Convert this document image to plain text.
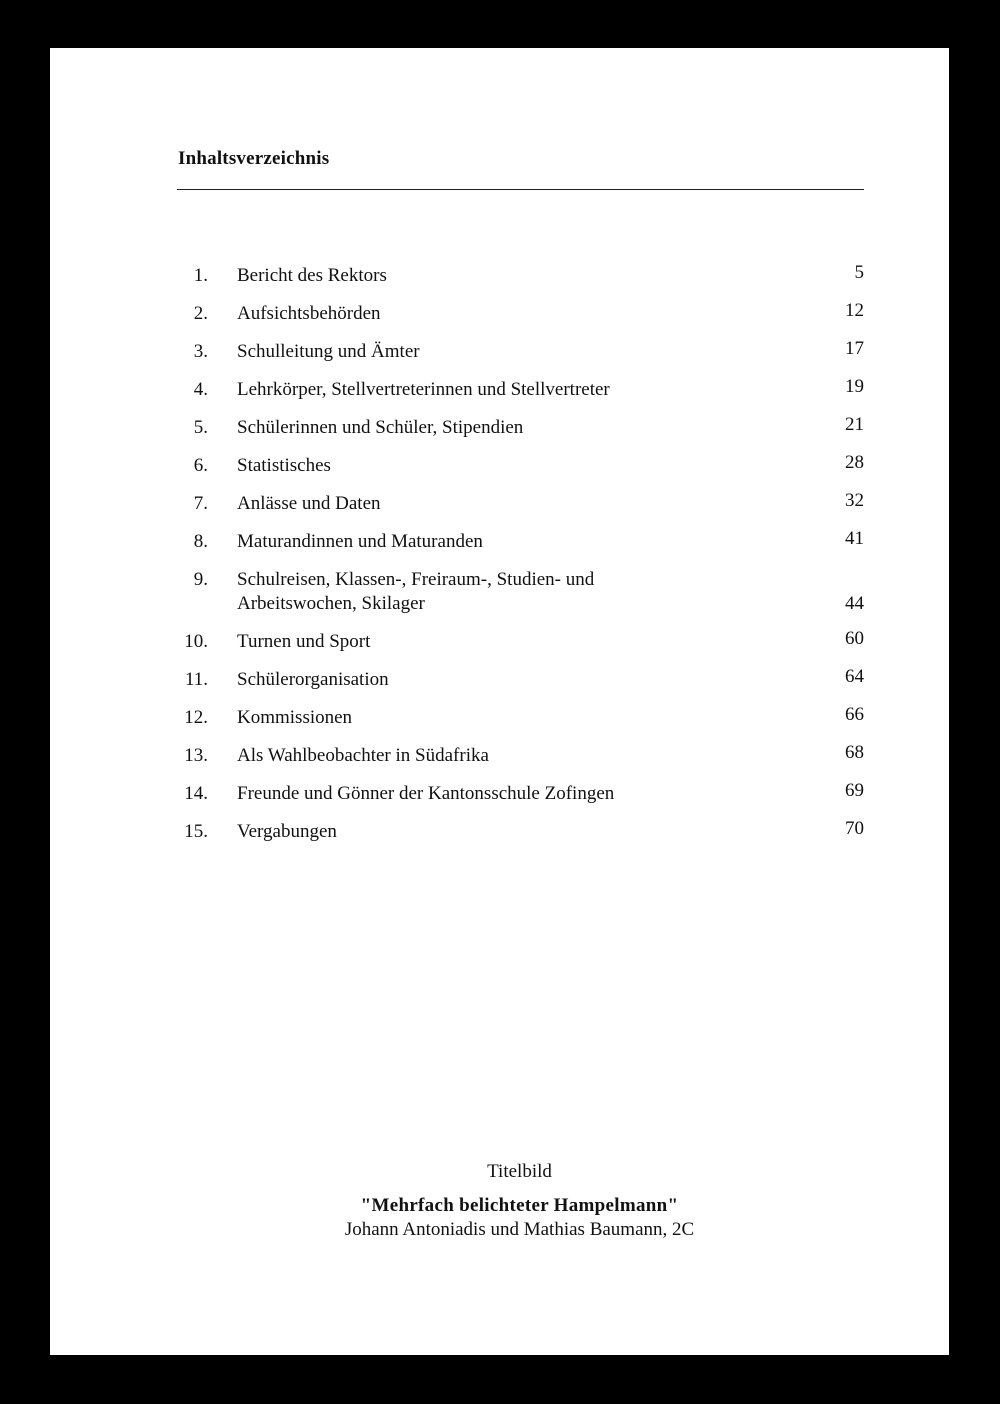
Inhaltsverzeichnis
1. Bericht des Rektors	5
2. Aufsichtsbehörden	12
3. Schulleitung und Ämter	17
4. Lehrkörper, Stellvertreterinnen und Stellvertreter	19
5. Schülerinnen und Schüler, Stipendien	21
6. Statistisches	28
7. Anlässe und Daten	32
8. Maturandinnen und Maturanden	41
9. Schulreisen, Klassen-, Freiraum-, Studien- und
Arbeitswochen, Skilager	44
10. Turnen und Sport	60
11. Schülerorganisation	64
12. Kommissionen	66
13. Als Wahlbeobachter in Südafrika	68
14. Freunde und Gönner der Kantonsschule Zofingen	69
15. Vergabungen	70
Titelbild
"Mehrfach belichteter Hampelmann"
Johann Antoniadis und Mathias Baumann, 2C
